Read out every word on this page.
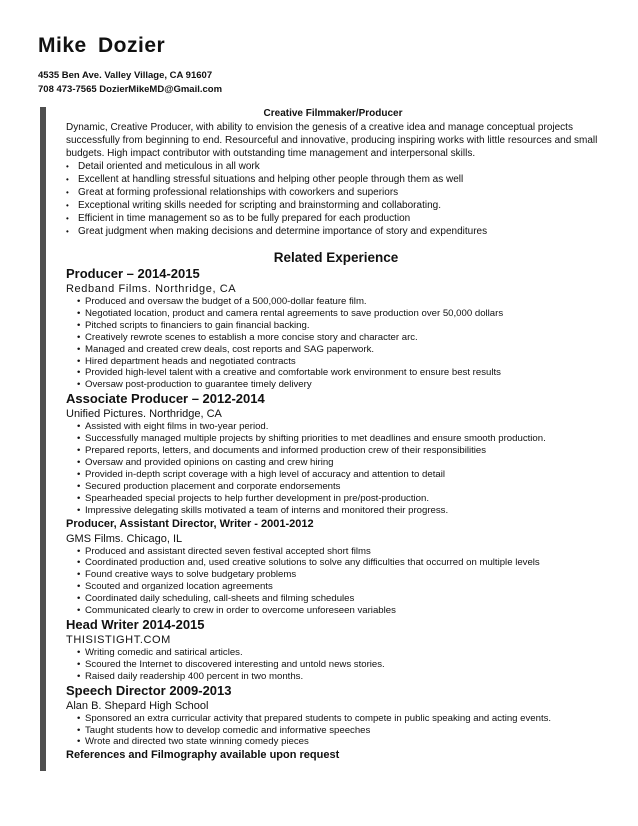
Mike Dozier
4535 Ben Ave. Valley Village, CA 91607
708 473-7565 DozierMikeMD@Gmail.com
Creative Filmmaker/Producer
Dynamic, Creative Producer, with ability to envision the genesis of a creative idea and manage conceptual projects successfully from beginning to end. Resourceful and innovative, producing inspiring works with little resources and small budgets. High impact contributor with outstanding time management and interpersonal skills.
• Detail oriented and meticulous in all work
• Excellent at handling stressful situations and helping other people through them as well
• Great at forming professional relationships with coworkers and superiors
• Exceptional writing skills needed for scripting and brainstorming and collaborating.
• Efficient in time management so as to be fully prepared for each production
• Great judgment when making decisions and determine importance of story and expenditures
Related Experience
Producer – 2014-2015
Redband Films. Northridge, CA
• Produced and oversaw the budget of a 500,000-dollar feature film.
• Negotiated location, product and camera rental agreements to save production over 50,000 dollars
• Pitched scripts to financiers to gain financial backing.
• Creatively rewrote scenes to establish a more concise story and character arc.
• Managed and created crew deals, cost reports and SAG paperwork.
• Hired department heads and negotiated contracts
• Provided high-level talent with a creative and comfortable work environment to ensure best results
• Oversaw post-production to guarantee timely delivery
Associate Producer – 2012-2014
Unified Pictures. Northridge, CA
• Assisted with eight films in two-year period.
• Successfully managed multiple projects by shifting priorities to met deadlines and ensure smooth production.
• Prepared reports, letters, and documents and informed production crew of their responsibilities
• Oversaw and provided opinions on casting and crew hiring
• Provided in-depth script coverage with a high level of accuracy and attention to detail
• Secured production placement and corporate endorsements
• Spearheaded special projects to help further development in pre/post-production.
• Impressive delegating skills motivated a team of interns and monitored their progress.
Producer, Assistant Director, Writer - 2001-2012
GMS Films. Chicago, IL
• Produced and assistant directed seven festival accepted short films
• Coordinated production and, used creative solutions to solve any difficulties that occurred on multiple levels
• Found creative ways to solve budgetary problems
• Scouted and organized location agreements
• Coordinated daily scheduling, call-sheets and filming schedules
• Communicated clearly to crew in order to overcome unforeseen variables
Head Writer 2014-2015
THISISTIGHT.COM
• Writing comedic and satirical articles.
• Scoured the Internet to discovered interesting and untold news stories.
• Raised daily readership 400 percent in two months.
Speech Director 2009-2013
Alan B. Shepard High School
• Sponsored an extra curricular activity that prepared students to compete in public speaking and acting events.
• Taught students how to develop comedic and informative speeches
• Wrote and directed two state winning comedy pieces
References and Filmography available upon request
